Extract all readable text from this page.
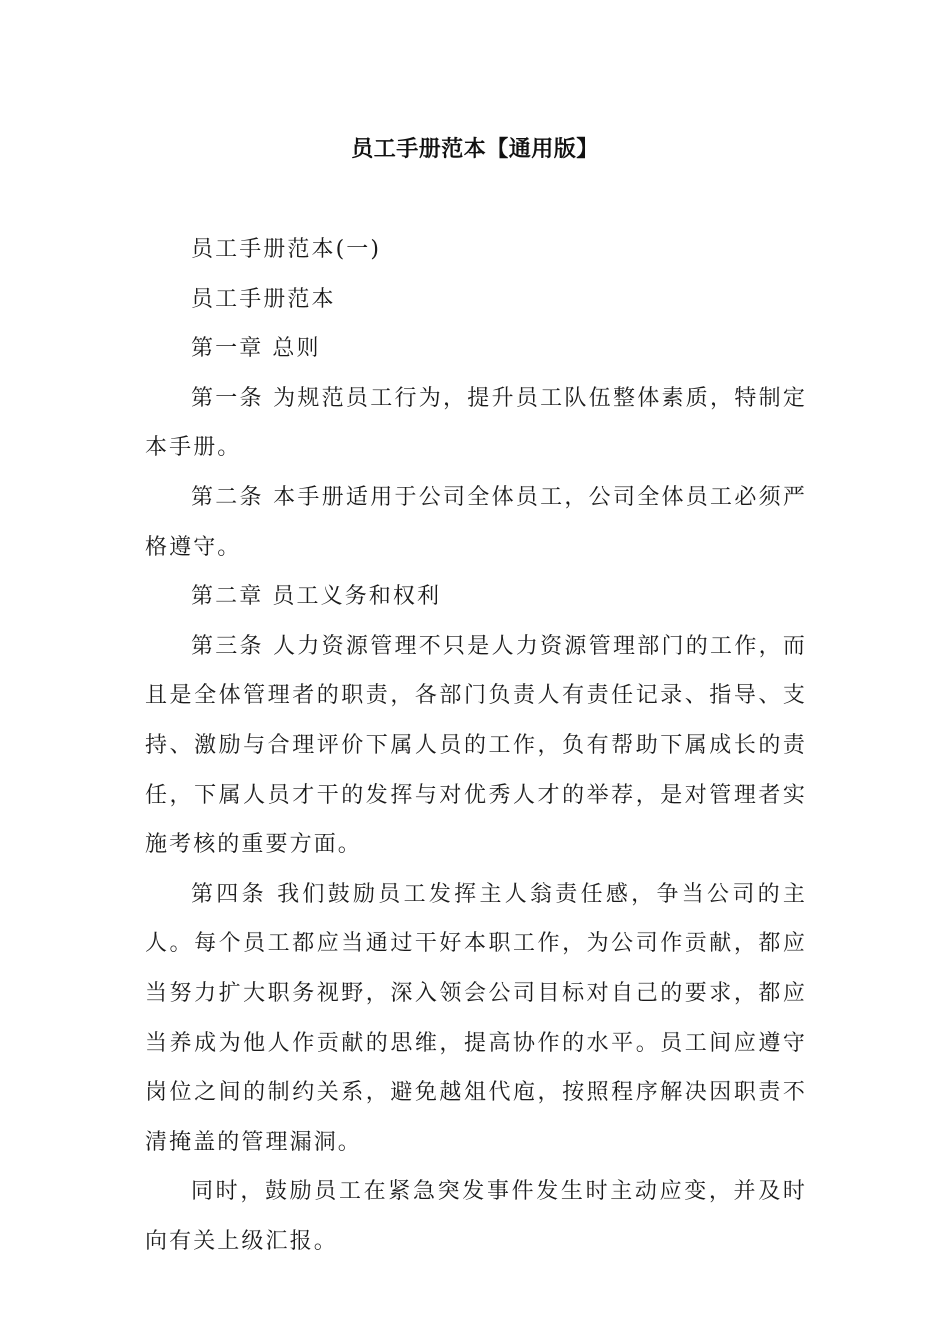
员工手册范本【通用版】

员工手册范本(一)

员工手册范本

第一章 总则

第一条 为规范员工行为，提升员工队伍整体素质，特制定本手册。

第二条 本手册适用于公司全体员工，公司全体员工必须严格遵守。

第二章 员工义务和权利

第三条 人力资源管理不只是人力资源管理部门的工作，而且是全体管理者的职责，各部门负责人有责任记录、指导、支持、激励与合理评价下属人员的工作，负有帮助下属成长的责任，下属人员才干的发挥与对优秀人才的举荐，是对管理者实施考核的重要方面。

第四条 我们鼓励员工发挥主人翁责任感，争当公司的主人。每个员工都应当通过干好本职工作，为公司作贡献，都应当努力扩大职务视野，深入领会公司目标对自己的要求，都应当养成为他人作贡献的思维，提高协作的水平。员工间应遵守岗位之间的制约关系，避免越俎代庖，按照程序解决因职责不清掩盖的管理漏洞。

同时，鼓励员工在紧急突发事件发生时主动应变，并及时向有关上级汇报。
